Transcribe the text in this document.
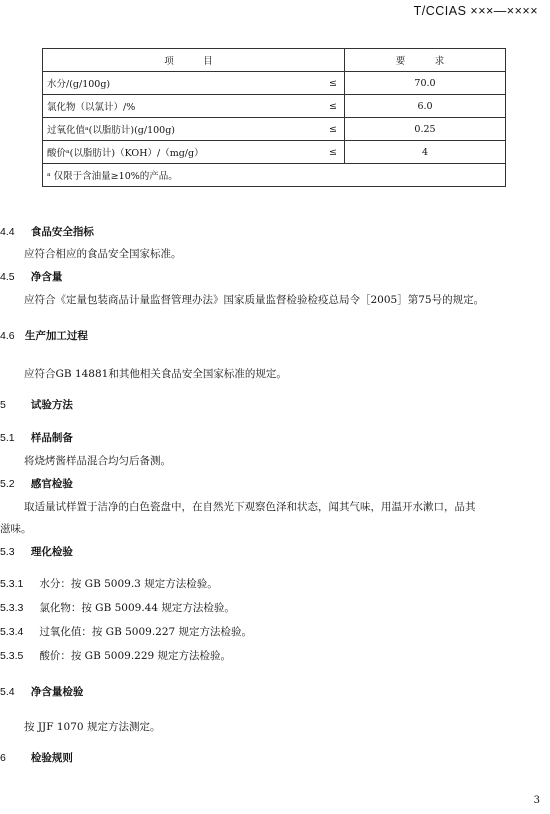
T/CCIAS ×××—××××
项　目		要　求
水分/(g/100g)	≤	70.0
氯化物（以氯计）/%	≤	6.0
过氧化值ᵃ(以脂肪计)(g/100g)	≤	0.25
酸价ᵃ(以脂肪计)（KOH）/（mg/g）	≤	4
ᵃ 仅限于含油量≥10%的产品。		
4.4 食品安全指标
应符合相应的食品安全国家标准。
4.5 净含量
应符合《定量包装商品计量监督管理办法》国家质量监督检验检疫总局令［2005］第75号的规定。
4.6 生产加工过程
应符合GB 14881和其他相关食品安全国家标准的规定。
5 试验方法
5.1 样品制备
将烧烤酱样品混合均匀后备测。
5.2 感官检验
取适量试样置于洁净的白色瓷盘中，在自然光下观察色泽和状态，闻其气味，用温开水漱口，品其
滋味。
5.3 理化检验
5.3.1 水分：按 GB 5009.3 规定方法检验。
5.3.3 氯化物：按 GB 5009.44 规定方法检验。
5.3.4 过氧化值：按 GB 5009.227 规定方法检验。
5.3.5 酸价：按 GB 5009.229 规定方法检验。
5.4 净含量检验
按 JJF 1070 规定方法测定。
6 检验规则
3
